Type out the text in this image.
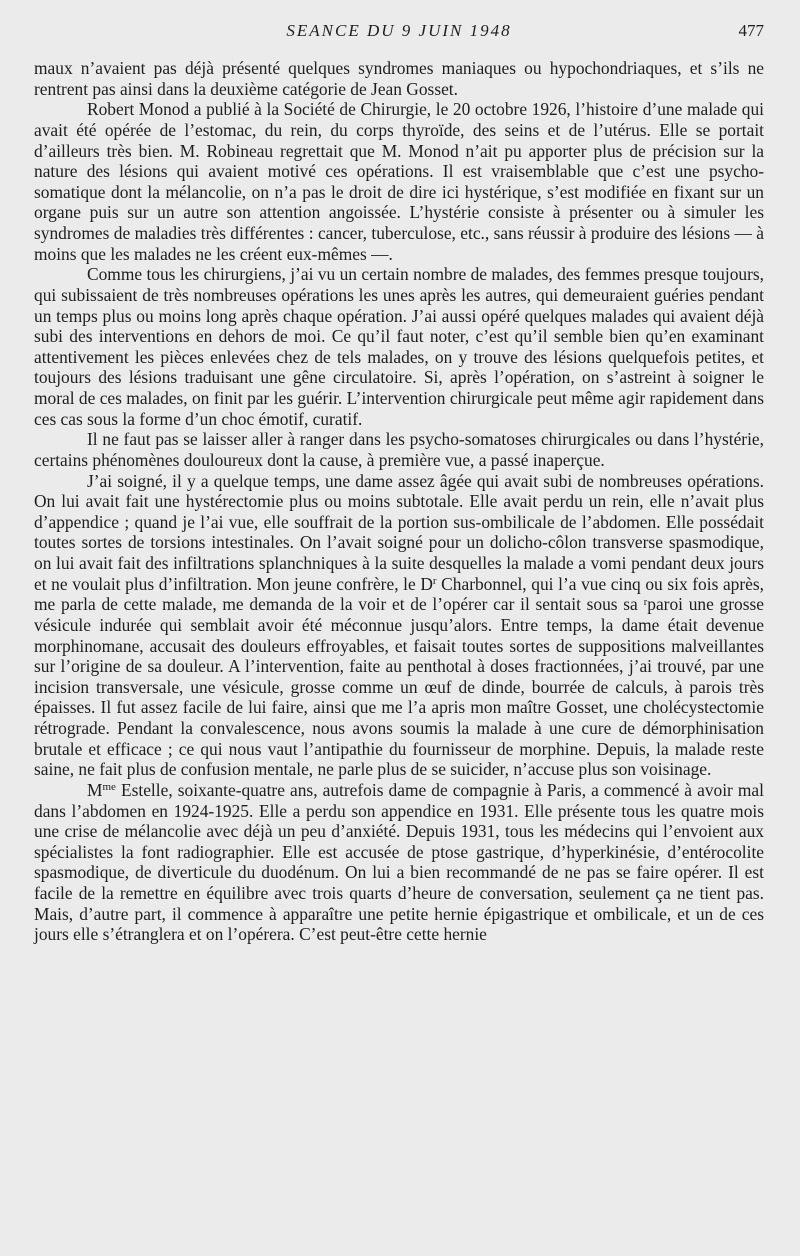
SEANCE DU 9 JUIN 1948	477

maux n’avaient pas déjà présenté quelques syndromes maniaques ou hypochondriaques, et s’ils ne rentrent pas ainsi dans la deuxième catégorie de Jean Gosset.

Robert Monod a publié à la Société de Chirurgie, le 20 octobre 1926, l’histoire d’une malade qui avait été opérée de l’estomac, du rein, du corps thyroïde, des seins et de l’utérus. Elle se portait d’ailleurs très bien. M. Robineau regrettait que M. Monod n’ait pu apporter plus de précision sur la nature des lésions qui avaient motivé ces opérations. Il est vraisemblable que c’est une psycho-somatique dont la mélancolie, on n’a pas le droit de dire ici hystérique, s’est modifiée en fixant sur un organe puis sur un autre son attention angoissée. L’hystérie consiste à présenter ou à simuler les syndromes de maladies très différentes : cancer, tuberculose, etc., sans réussir à produire des lésions — à moins que les malades ne les créent eux-mêmes —.

Comme tous les chirurgiens, j’ai vu un certain nombre de malades, des femmes presque toujours, qui subissaient de très nombreuses opérations les unes après les autres, qui demeuraient guéries pendant un temps plus ou moins long après chaque opération. J’ai aussi opéré quelques malades qui avaient déjà subi des interventions en dehors de moi. Ce qu’il faut noter, c’est qu’il semble bien qu’en examinant attentivement les pièces enlevées chez de tels malades, on y trouve des lésions quelquefois petites, et toujours des lésions traduisant une gêne circulatoire. Si, après l’opération, on s’astreint à soigner le moral de ces malades, on finit par les guérir. L’intervention chirurgicale peut même agir rapidement dans ces cas sous la forme d’un choc émotif, curatif.

Il ne faut pas se laisser aller à ranger dans les psycho-somatoses chirurgicales ou dans l’hystérie, certains phénomènes douloureux dont la cause, à première vue, a passé inaperçue.

J’ai soigné, il y a quelque temps, une dame assez âgée qui avait subi de nombreuses opérations. On lui avait fait une hystérectomie plus ou moins subtotale. Elle avait perdu un rein, elle n’avait plus d’appendice ; quand je l’ai vue, elle souffrait de la portion sus-ombilicale de l’abdomen. Elle possédait toutes sortes de torsions intestinales. On l’avait soigné pour un dolicho-côlon transverse spasmodique, on lui avait fait des infiltrations splanchniques à la suite desquelles la malade a vomi pendant deux jours et ne voulait plus d’infiltration. Mon jeune confrère, le $D^r$ Charbonnel, qui l’a vue cinq ou six fois après, me parla de cette malade, me demanda de la voir et de l’opérer car il sentait sous sa ʳparoi une grosse vésicule indurée qui semblait avoir été méconnue jusqu’alors. Entre temps, la dame était devenue morphinomane, accusait des douleurs effroyables, et faisait toutes sortes de suppositions malveillantes sur l’origine de sa douleur. A l’intervention, faite au penthotal à doses fractionnées, j’ai trouvé, par une incision transversale, une vésicule, grosse comme un œuf de dinde, bourrée de calculs, à parois très épaisses. Il fut assez facile de lui faire, ainsi que me l’a apris mon maître Gosset, une cholécystectomie rétrograde. Pendant la convalescence, nous avons soumis la malade à une cure de démorphinisation brutale et efficace ; ce qui nous vaut l’antipathie du fournisseur de morphine. Depuis, la malade reste saine, ne fait plus de confusion mentale, ne parle plus de se suicider, n’accuse plus son voisinage.

$M^{me}$ Estelle, soixante-quatre ans, autrefois dame de compagnie à Paris, a commencé à avoir mal dans l’abdomen en 1924-1925. Elle a perdu son appendice en 1931. Elle présente tous les quatre mois une crise de mélancolie avec déjà un peu d’anxiété. Depuis 1931, tous les médecins qui l’envoient aux spécialistes la font radiographier. Elle est accusée de ptose gastrique, d’hyperkinésie, d’entérocolite spasmodique, de diverticule du duodénum. On lui a bien recommandé de ne pas se faire opérer. Il est facile de la remettre en équilibre avec trois quarts d’heure de conversation, seulement ça ne tient pas. Mais, d’autre part, il commence à apparaître une petite hernie épigastrique et ombilicale, et un de ces jours elle s’étranglera et on l’opérera. C’est peut-être cette hernie
